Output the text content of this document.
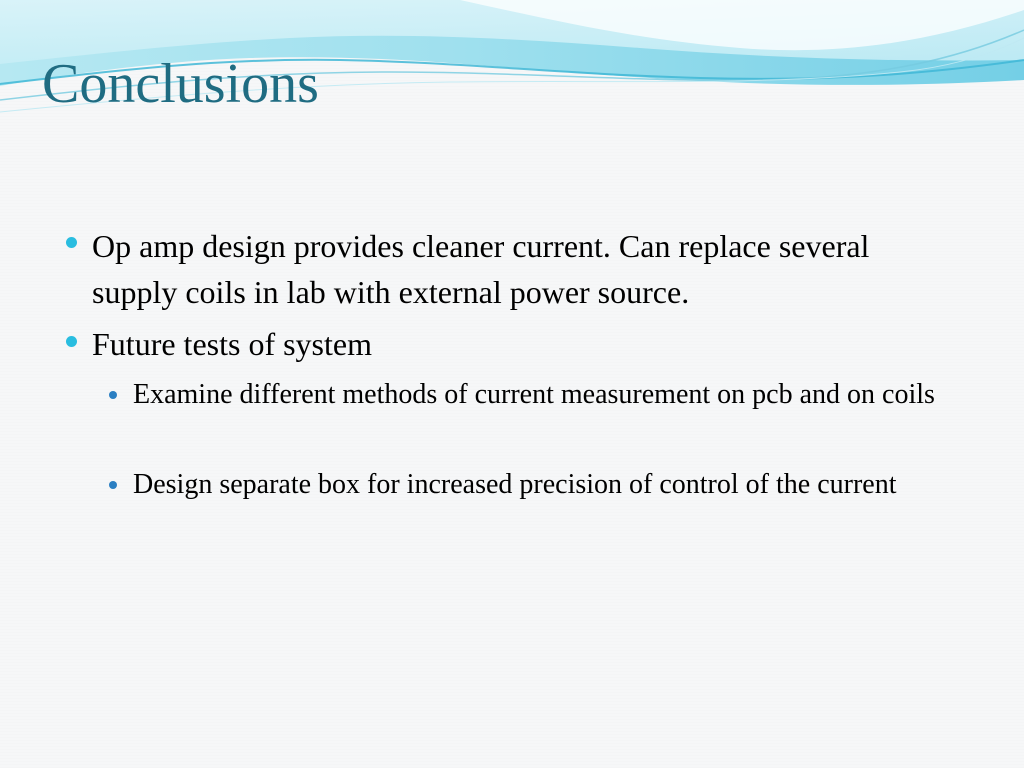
Conclusions
Op amp design provides cleaner current. Can replace several supply coils in lab with external power source.
Future tests of system
Examine different methods of current measurement on pcb and on coils
Design separate box for increased precision of control of the current
